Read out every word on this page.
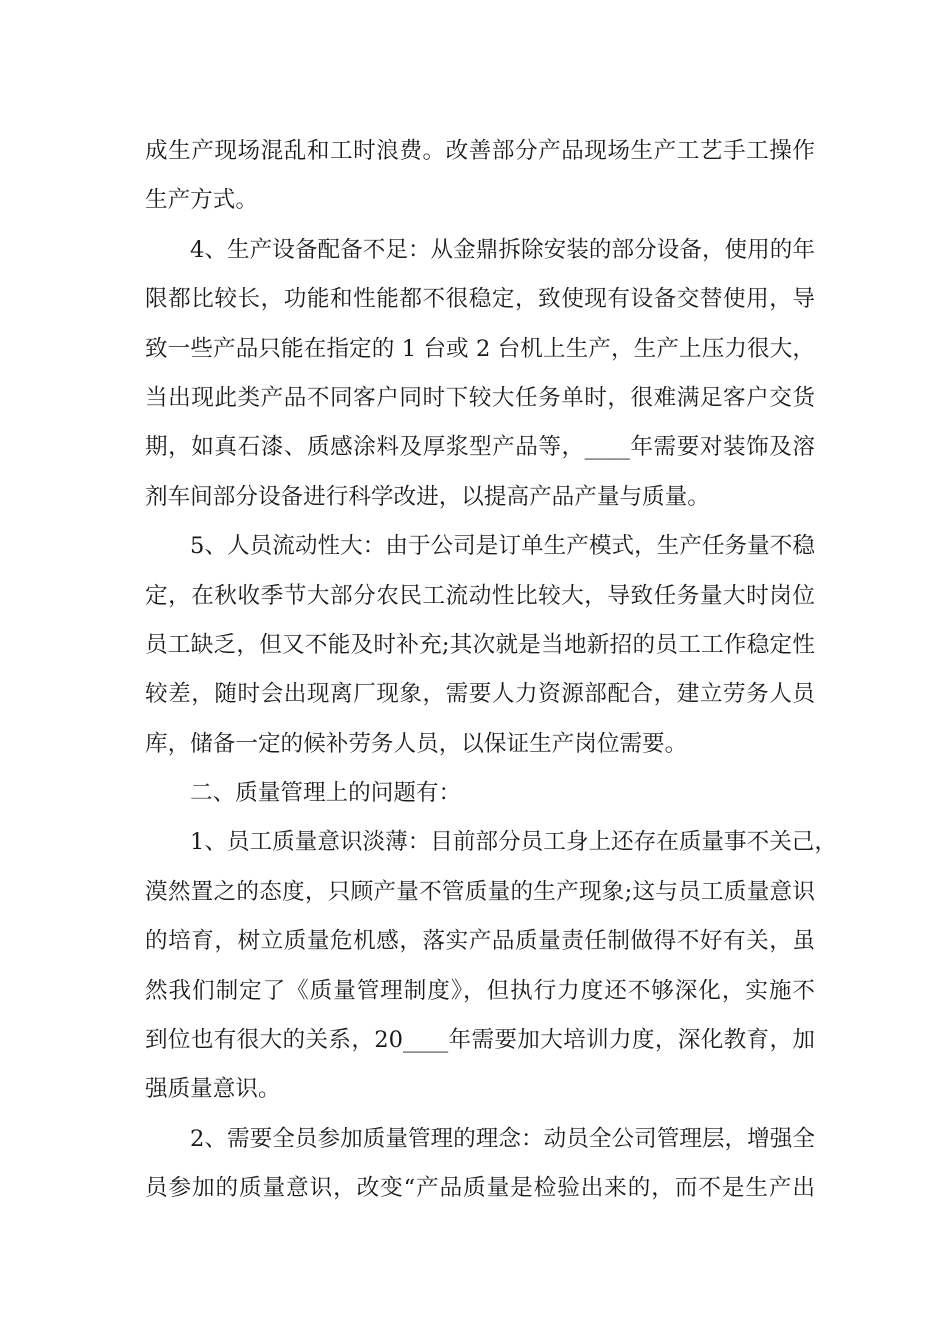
成生产现场混乱和工时浪费。改善部分产品现场生产工艺手工操作
生产方式。
4、生产设备配备不足：从金鼎拆除安装的部分设备，使用的年
限都比较长，功能和性能都不很稳定，致使现有设备交替使用，导
致一些产品只能在指定的 1 台或 2 台机上生产，生产上压力很大，
当出现此类产品不同客户同时下较大任务单时，很难满足客户交货
期，如真石漆、质感涂料及厚浆型产品等，____年需要对装饰及溶
剂车间部分设备进行科学改进，以提高产品产量与质量。
5、人员流动性大：由于公司是订单生产模式，生产任务量不稳
定，在秋收季节大部分农民工流动性比较大，导致任务量大时岗位
员工缺乏，但又不能及时补充;其次就是当地新招的员工工作稳定性
较差，随时会出现离厂现象，需要人力资源部配合，建立劳务人员
库，储备一定的候补劳务人员，以保证生产岗位需要。
二、质量管理上的问题有：
1、员工质量意识淡薄：目前部分员工身上还存在质量事不关己，
漠然置之的态度，只顾产量不管质量的生产现象;这与员工质量意识
的培育，树立质量危机感，落实产品质量责任制做得不好有关，虽
然我们制定了《质量管理制度》，但执行力度还不够深化，实施不
到位也有很大的关系，20____年需要加大培训力度，深化教育，加
强质量意识。
2、需要全员参加质量管理的理念：动员全公司管理层，增强全
员参加的质量意识，改变“产品质量是检验出来的，而不是生产出
